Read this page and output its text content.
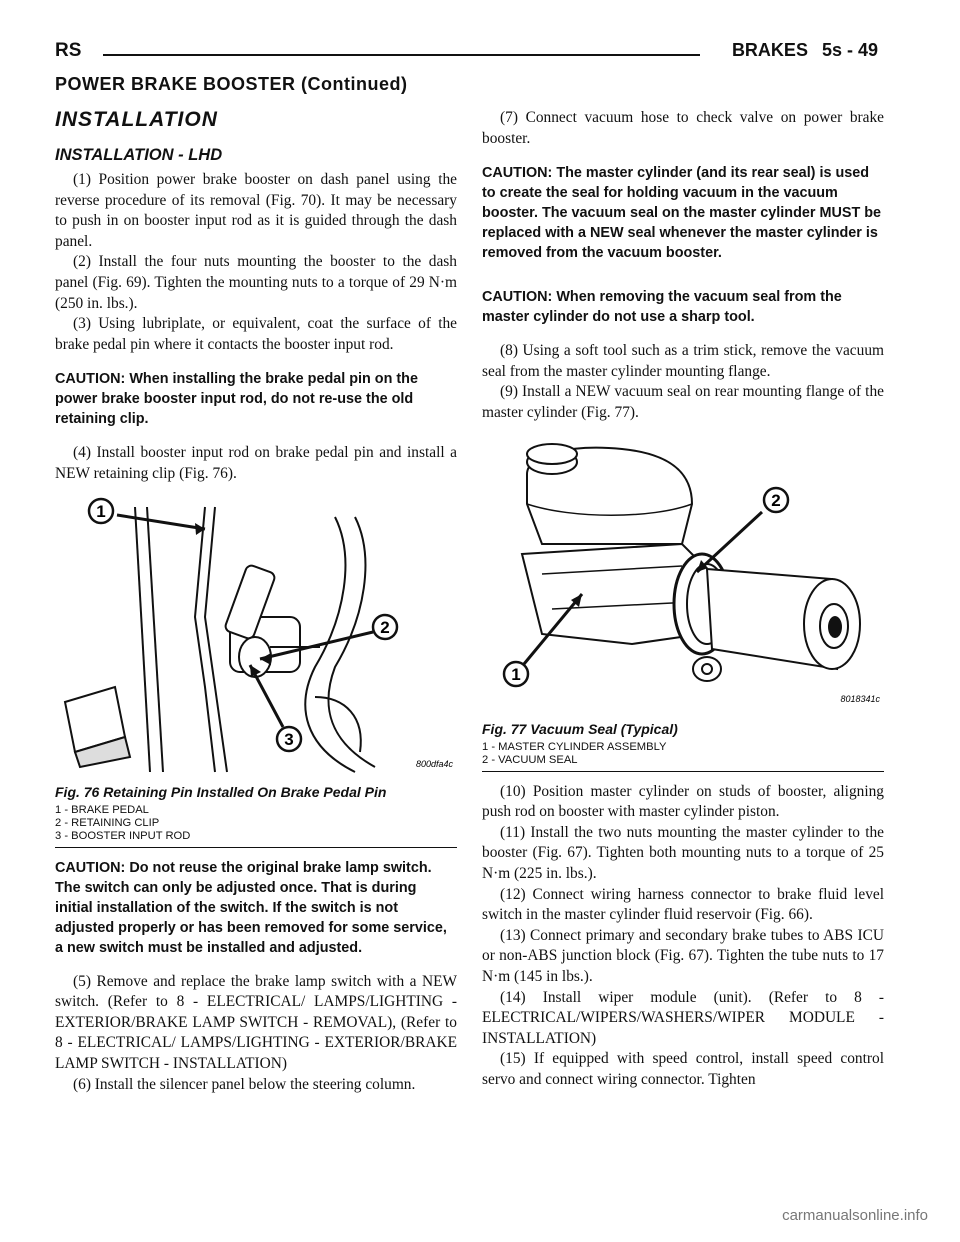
RS	BRAKES 5s - 49
POWER BRAKE BOOSTER (Continued)
INSTALLATION
INSTALLATION - LHD

(1) Position power brake booster on dash panel using the reverse procedure of its removal (Fig. 70). It may be necessary to push in on booster input rod as it is guided through the dash panel.

(2) Install the four nuts mounting the booster to the dash panel (Fig. 69). Tighten the mounting nuts to a torque of 29 N·m (250 in. lbs.).

(3) Using lubriplate, or equivalent, coat the surface of the brake pedal pin where it contacts the booster input rod.

CAUTION: When installing the brake pedal pin on the power brake booster input rod, do not re-use the old retaining clip.

(4) Install booster input rod on brake pedal pin and install a NEW retaining clip (Fig. 76).

1
2
3
800dfa4c
Fig. 76 Retaining Pin Installed On Brake Pedal Pin
1 - BRAKE PEDAL
2 - RETAINING CLIP
3 - BOOSTER INPUT ROD
CAUTION: Do not reuse the original brake lamp switch. The switch can only be adjusted once. That is during initial installation of the switch. If the switch is not adjusted properly or has been removed for some service, a new switch must be installed and adjusted.

(5) Remove and replace the brake lamp switch with a NEW switch. (Refer to 8 - ELECTRICAL/ LAMPS/LIGHTING - EXTERIOR/BRAKE LAMP SWITCH - REMOVAL), (Refer to 8 - ELECTRICAL/ LAMPS/LIGHTING - EXTERIOR/BRAKE LAMP SWITCH - INSTALLATION)

(6) Install the silencer panel below the steering column.

(7) Connect vacuum hose to check valve on power brake booster.

CAUTION: The master cylinder (and its rear seal) is used to create the seal for holding vacuum in the vacuum booster. The vacuum seal on the master cylinder MUST be replaced with a NEW seal whenever the master cylinder is removed from the vacuum booster.
CAUTION: When removing the vacuum seal from the master cylinder do not use a sharp tool.

(8) Using a soft tool such as a trim stick, remove the vacuum seal from the master cylinder mounting flange.

(9) Install a NEW vacuum seal on rear mounting flange of the master cylinder (Fig. 77).

1
2
8018341c
Fig. 77 Vacuum Seal (Typical)
1 - MASTER CYLINDER ASSEMBLY
2 - VACUUM SEAL

(10) Position master cylinder on studs of booster, aligning push rod on booster with master cylinder piston.

(11) Install the two nuts mounting the master cylinder to the booster (Fig. 67). Tighten both mounting nuts to a torque of 25 N·m (225 in. lbs.).

(12) Connect wiring harness connector to brake fluid level switch in the master cylinder fluid reservoir (Fig. 66).

(13) Connect primary and secondary brake tubes to ABS ICU or non-ABS junction block (Fig. 67). Tighten the tube nuts to 17 N·m (145 in lbs.).

(14) Install wiper module (unit). (Refer to 8 - ELECTRICAL/WIPERS/WASHERS/WIPER MODULE - INSTALLATION)

(15) If equipped with speed control, install speed control servo and connect wiring connector. Tighten

carmanualsonline.info
